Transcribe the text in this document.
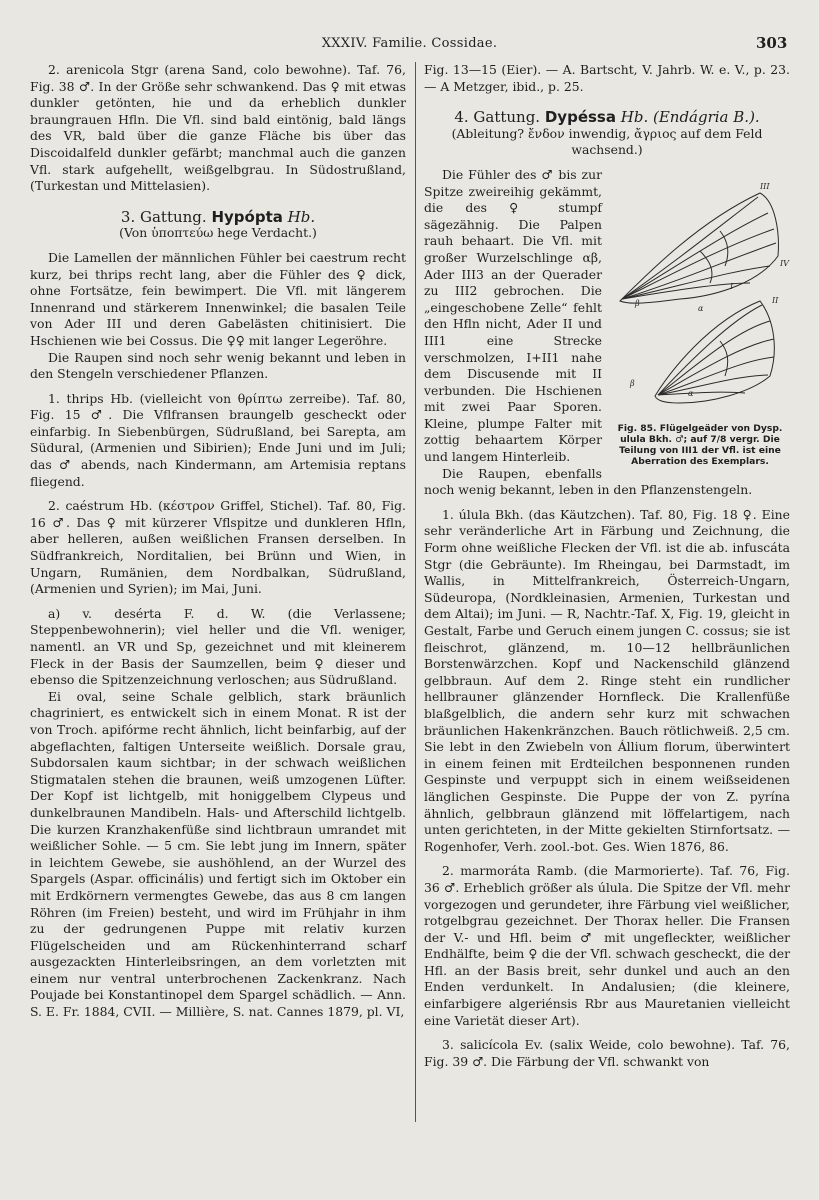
XXXIV. Familie. Cossidae.	303

2. arenicola Stgr (arena Sand, colo bewohne). Taf. 76, Fig. 38 ♂. In der Größe sehr schwankend. Das ♀ mit etwas dunkler getönten, hie und da erheblich dunkler braungrauen Hfln. Die Vfl. sind bald eintönig, bald längs des VR, bald über die ganze Fläche bis über das Discoidalfeld dunkler gefärbt; manchmal auch die ganzen Vfl. stark aufgehellt, weißgelbgrau. In Südostrußland, (Turkestan und Mittelasien).

3. Gattung. Hypópta Hb.
(Von ὑποπτεύω hege Verdacht.)

Die Lamellen der männlichen Fühler bei caestrum recht kurz, bei thrips recht lang, aber die Fühler des ♀ dick, ohne Fortsätze, fein bewimpert. Die Vfl. mit längerem Innenrand und stärkerem Innenwinkel; die basalen Teile von Ader III und deren Gabelästen chitinisiert. Die Hschienen wie bei Cossus. Die ♀♀ mit langer Legeröhre.

Die Raupen sind noch sehr wenig bekannt und leben in den Stengeln verschiedener Pflanzen.

1. thrips Hb. (vielleicht von θρίπτω zerreibe). Taf. 80, Fig. 15 ♂. Die Vflfransen braungelb gescheckt oder einfarbig. In Siebenbürgen, Südrußland, bei Sarepta, am Südural, (Armenien und Sibirien); Ende Juni und im Juli; das ♂ abends, nach Kindermann, am Artemisia reptans fliegend.

2. caéstrum Hb. (κέστρον Griffel, Stichel). Taf. 80, Fig. 16 ♂. Das ♀ mit kürzerer Vflspitze und dunkleren Hfln, aber helleren, außen weißlichen Fransen derselben. In Südfrankreich, Norditalien, bei Brünn und Wien, in Ungarn, Rumänien, dem Nordbalkan, Südrußland, (Armenien und Syrien); im Mai, Juni.

a) v. desérta F. d. W. (die Verlassene; Steppenbewohnerin); viel heller und die Vfl. weniger, namentl. an VR und Sp, gezeichnet und mit kleinerem Fleck in der Basis der Saumzellen, beim ♀ dieser und ebenso die Spitzenzeichnung verloschen; aus Südrußland.

Ei oval, seine Schale gelblich, stark bräunlich chagriniert, es entwickelt sich in einem Monat. R ist der von Troch. apifórme recht ähnlich, licht beinfarbig, auf der abgeflachten, faltigen Unterseite weißlich. Dorsale grau, Subdorsalen kaum sichtbar; in der schwach weißlichen Stigmatalen stehen die braunen, weiß umzogenen Lüfter. Der Kopf ist lichtgelb, mit honiggelbem Clypeus und dunkelbraunen Mandibeln. Hals- und Afterschild lichtgelb. Die kurzen Kranzhakenfüße sind lichtbraun umrandet mit weißlicher Sohle. — 5 cm. Sie lebt jung im Innern, später in leichtem Gewebe, sie aushöhlend, an der Wurzel des Spargels (Aspar. officinális) und fertigt sich im Oktober ein mit Erdkörnern vermengtes Gewebe, das aus 8 cm langen Röhren (im Freien) besteht, und wird im Frühjahr in ihm zu der gedrungenen Puppe mit relativ kurzen Flügelscheiden und am Rückenhinterrand scharf ausgezackten Hinterleibsringen, an dem vorletzten mit einem nur ventral unterbrochenen Zackenkranz. Nach Poujade bei Konstantinopel dem Spargel schädlich. — Ann. S. E. Fr. 1884, CVII. — Millière, S. nat. Cannes 1879, pl. VI,

Fig. 13—15 (Eier). — A. Bartscht, V. Jahrb. W. e. V., p. 23. — A Metzger, ibid., p. 25.

4. Gattung. Dypéssa Hb. (Endágria B.).
(Ableitung? ἔνδον inwendig, ἄγριος auf dem Feld wachsend.)
β
β
α
α
I
IV
III
II
Fig. 85. Flügelgeäder von Dysp. ulula Bkh. ♂; auf 7/8 vergr. Die Teilung von III1 der Vfl. ist eine Aberration des Exemplars.

Die Fühler des ♂ bis zur Spitze zweireihig gekämmt, die des ♀ stumpf sägezähnig. Die Palpen rauh behaart. Die Vfl. mit großer Wurzelschlinge αβ, Ader III3 an der Querader zu III2 gebrochen. Die „eingeschobene Zelle“ fehlt den Hfln nicht, Ader II und III1 eine Strecke verschmolzen, I+II1 nahe dem Discusende mit II verbunden. Die Hschienen mit zwei Paar Sporen. Kleine, plumpe Falter mit zottig behaartem Körper und langem Hinterleib.

Die Raupen, ebenfalls noch wenig bekannt, leben in den Pflanzenstengeln.

1. úlula Bkh. (das Käutzchen). Taf. 80, Fig. 18 ♀. Eine sehr veränderliche Art in Färbung und Zeichnung, die Form ohne weißliche Flecken der Vfl. ist die ab. infuscáta Stgr (die Gebräunte). Im Rheingau, bei Darmstadt, im Wallis, in Mittelfrankreich, Österreich-Ungarn, Südeuropa, (Nordkleinasien, Armenien, Turkestan und dem Altai); im Juni. — R, Nachtr.-Taf. X, Fig. 19, gleicht in Gestalt, Farbe und Geruch einem jungen C. cossus; sie ist fleischrot, glänzend, m. 10—12 hellbräunlichen Borstenwärzchen. Kopf und Nackenschild glänzend gelbbraun. Auf dem 2. Ringe steht ein rundlicher hellbrauner glänzender Hornfleck. Die Krallenfüße blaßgelblich, die andern sehr kurz mit schwachen bräunlichen Hakenkränzchen. Bauch rötlichweiß. 2,5 cm. Sie lebt in den Zwiebeln von Állium florum, überwintert in einem feinen mit Erdteilchen besponnenen runden Gespinste und verpuppt sich in einem weißseidenen länglichen Gespinste. Die Puppe der von Z. pyrína ähnlich, gelbbraun glänzend mit löffelartigem, nach unten gerichteten, in der Mitte gekielten Stirnfortsatz. — Rogenhofer, Verh. zool.-bot. Ges. Wien 1876, 86.

2. marmoráta Ramb. (die Marmorierte). Taf. 76, Fig. 36 ♂. Erheblich größer als úlula. Die Spitze der Vfl. mehr vorgezogen und gerundeter, ihre Färbung viel weißlicher, rotgelbgrau gezeichnet. Der Thorax heller. Die Fransen der V.- und Hfl. beim ♂ mit ungefleckter, weißlicher Endhälfte, beim ♀ die der Vfl. schwach gescheckt, die der Hfl. an der Basis breit, sehr dunkel und auch an den Enden verdunkelt. In Andalusien; (die kleinere, einfarbigere algeriénsis Rbr aus Mauretanien vielleicht eine Varietät dieser Art).

3. salicícola Ev. (salix Weide, colo bewohne). Taf. 76, Fig. 39 ♂. Die Färbung der Vfl. schwankt von
